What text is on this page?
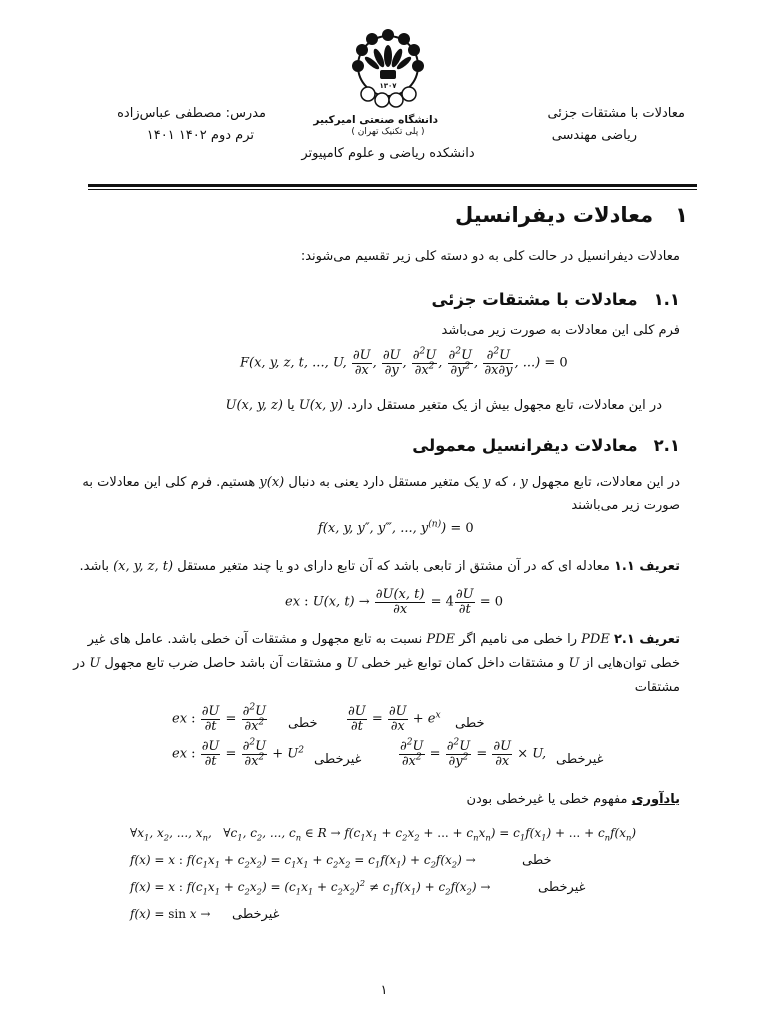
مدرس: مصطفی عباس‌زاده
ترم دوم ۱۴۰۲ ۱۴۰۱
معادلات با مشتقات جزئی
ریاضی مهندسی
۱۳۰۷
دانشگاه صنعتی امیرکبیر
( پلی تکنیک تهران )
دانشکده ریاضی و علوم کامپیوتر
۱معادلات دیفرانسیل
معادلات دیفرانسیل در حالت کلی به دو دسته کلی زیر تقسیم می‌شوند:
۱.۱معادلات با مشتقات جزئی
فرم کلی این معادلات به صورت زیر می‌باشد
F(x, y, z, t, ..., U, $\frac{\partial U}{\partial x}$ , $\frac{\partial U}{\partial y}$ , $\frac{\partial^2U}{\partial x^2}$ , $\frac{\partial^2U}{\partial y^2}$ , $\frac{\partial^2U}{\partial x\partial y}$ , ...) = 0
در این معادلات، تابع مجهول بیش از یک متغیر مستقل دارد. U(x, y) یا U(x, y, z)
۲.۱معادلات دیفرانسیل معمولی
در این معادلات، تابع مجهول y ، که y یک متغیر مستقل دارد یعنی به دنبال y(x) هستیم. فرم کلی این معادلات به
صورت زیر می‌باشند
f(x, y, y″, y‴, ..., $y^{(n)}) = 0$
تعریف ۱.۱ معادله ای که در آن مشتق از تابعی باشد که آن تابع دارای دو یا چند متغیر مستقل (x, y, z, t) باشد.
ex : U(x, $t) \to \frac{\partial U(x, t)}{\partial x} = 4 \frac{\partial U}{\partial t} = 0$
تعریف ۲.۱ PDE را خطی می نامیم اگر PDE نسبت به تابع مجهول و مشتقات آن خطی باشد. عامل های غیر
خطی توان‌هایی از U و مشتقات داخل کمان توابع غیر خطی U و مشتقات آن باشد حاصل ضرب تابع مجهول U در
مشتقات
ex : $\frac{\partial U}{\partial t} = \frac{\partial^2U}{\partial x^2}$ خطی $\frac{\partial U}{\partial t} = \frac{\partial U}{\partial x} + e^x$
خطی
ex : $\frac{\partial U}{\partial t} = \frac{\partial^2U}{\partial x^2} + U^2$
غیرخطی	$\frac{\partial^2U}{\partial x^2} = \frac{\partial^2U}{\partial y^2} = \frac{\partial U}{\partial x} \times U$, غیرخطی
یادآوری مفهوم خطی یا غیرخطی بودن
$\forall x_1$, $x_2$, ..., $x_n$,   $\forall c_1$, $c_2$, ..., $c_n$ ∈ $R \to f(c_1x_1 + c_2x_2$ + ... + $c_nx_n) = c_1f(x_1)$ + ... + $c_nf(x_n)$
f(x) = x : $f(c_1x_1 + c_2x_2) = c_1x_1 + c_2x_2 = c_1f(x_1) + c_2f(x_2)$ →	خطی
f(x) = x : $f(c_1x_1 + c_2x_2) = (c_1x_1 + c_2x_2)^2 \ne c_1f(x_1) + c_2f(x_2)$ →	غیرخطی
f(x) = sin x → غیرخطی
۱
